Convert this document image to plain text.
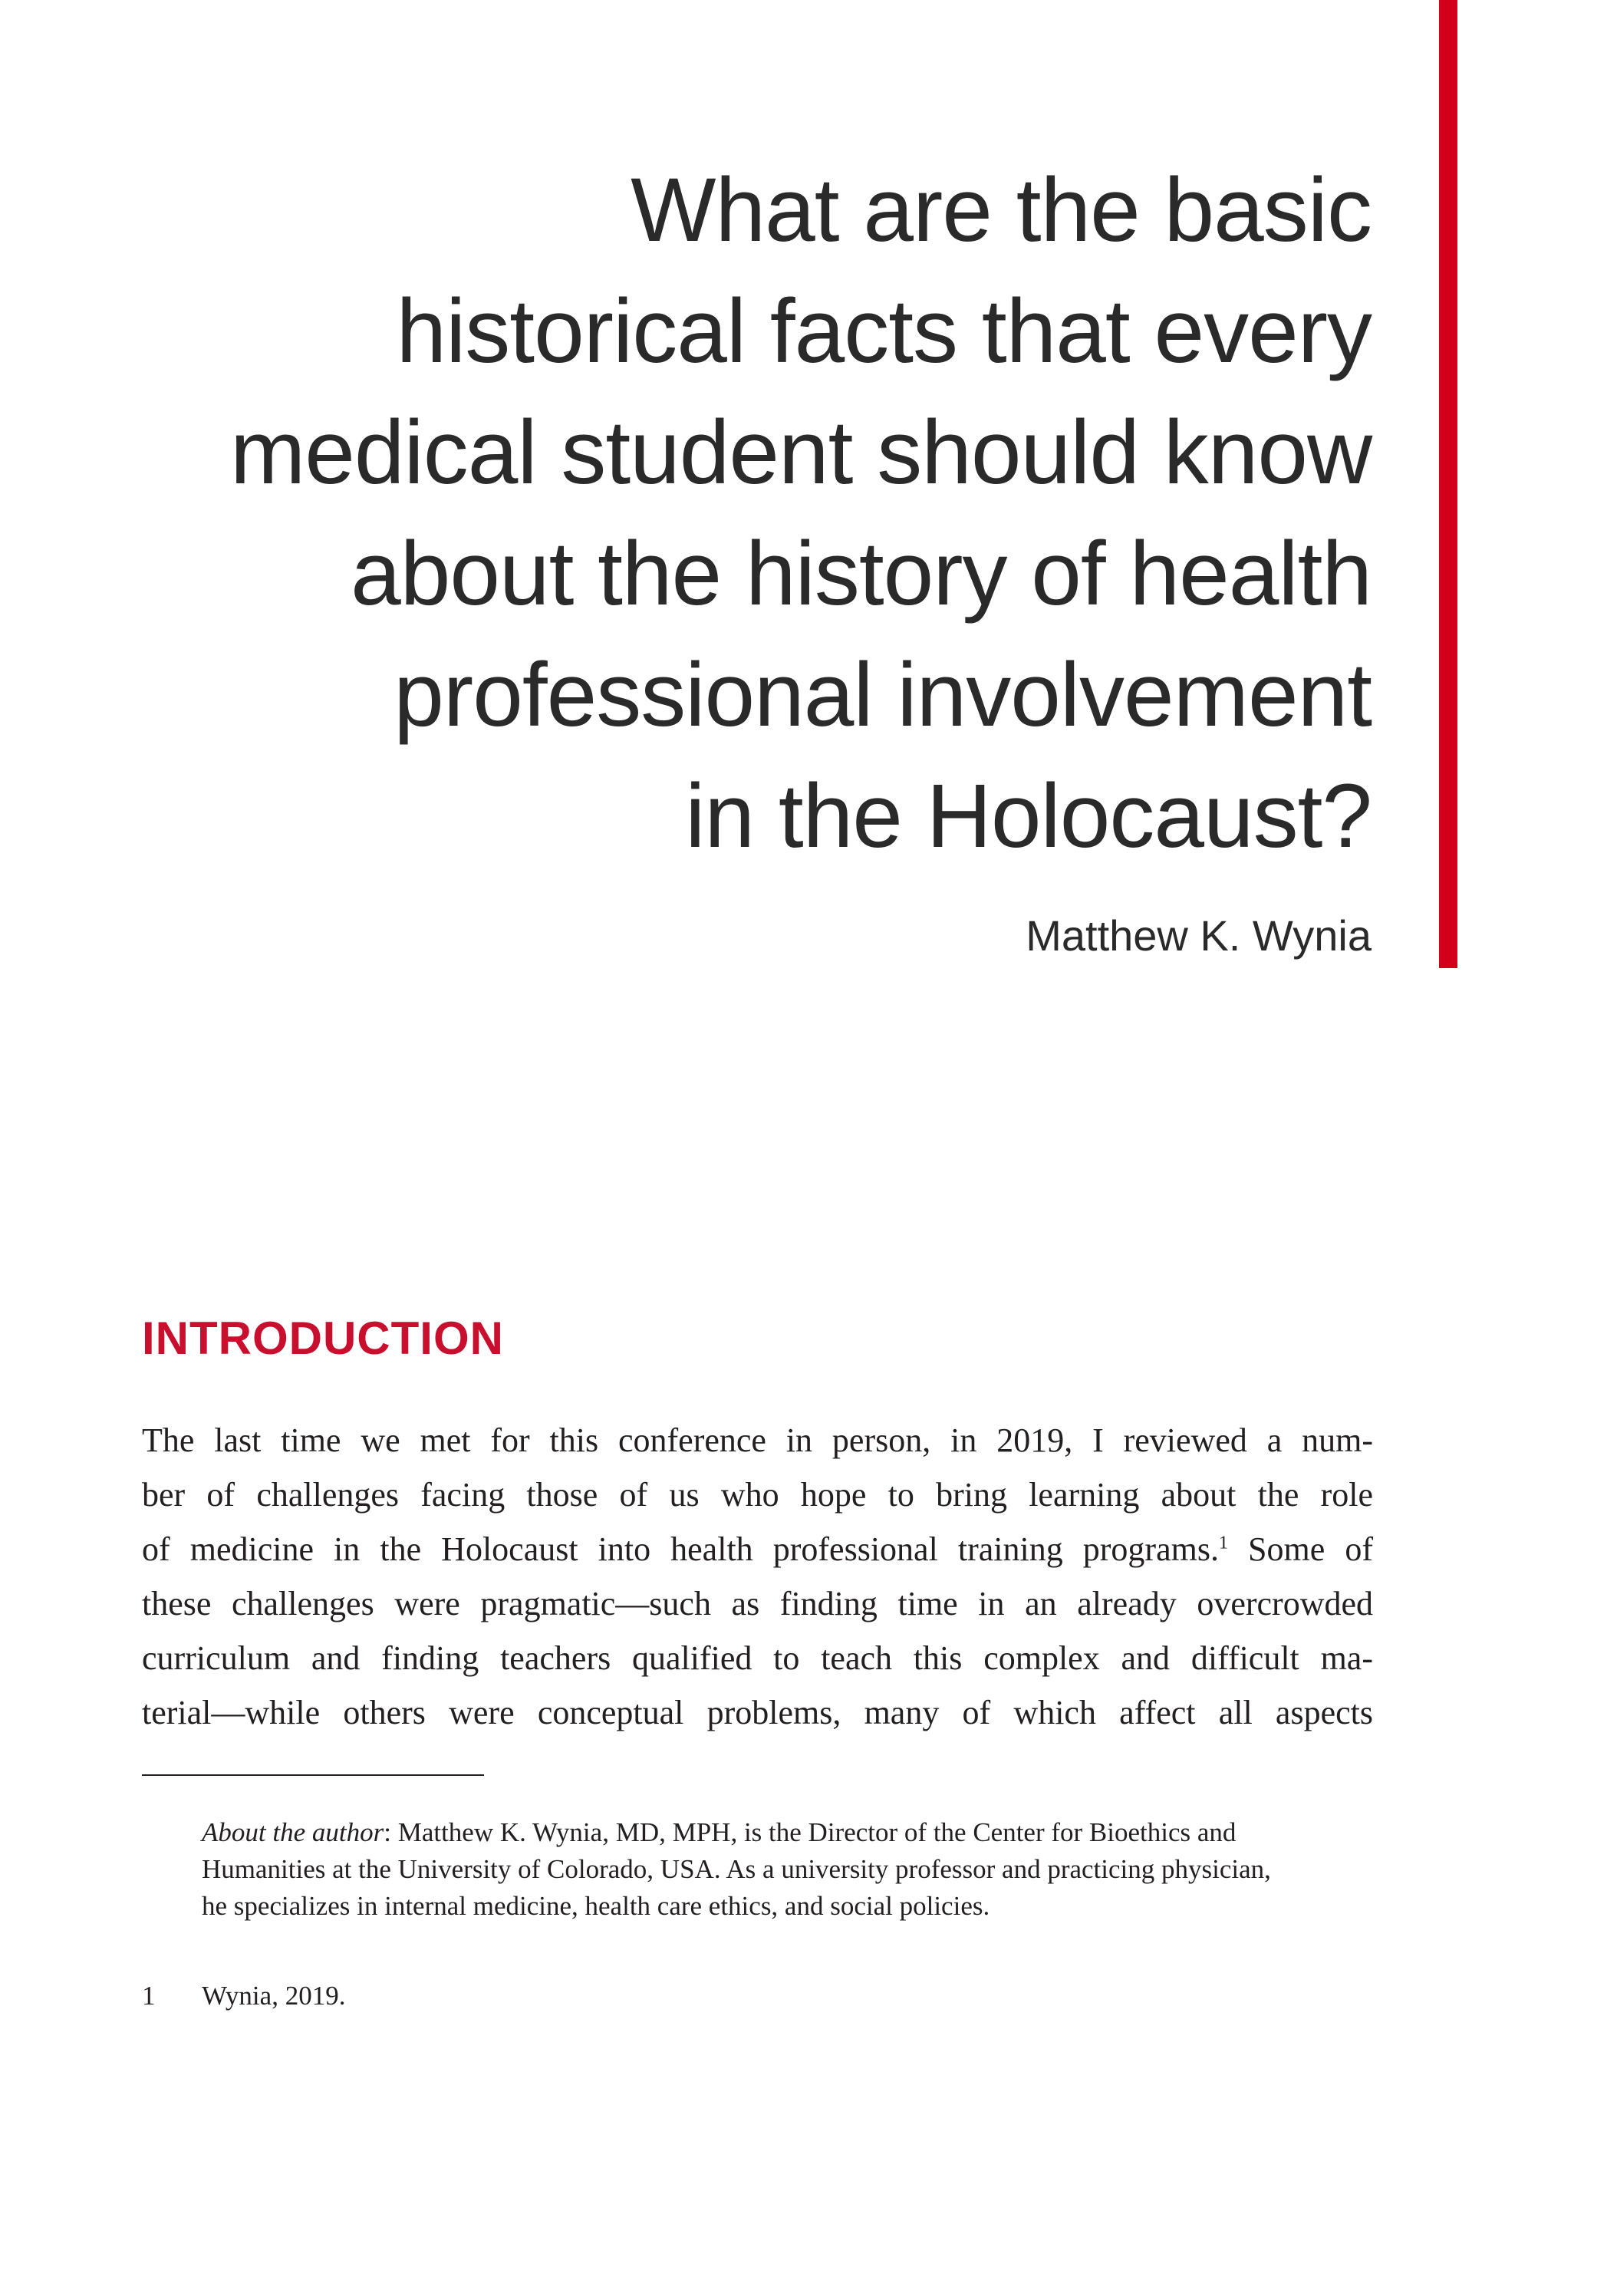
What are the basic
historical facts that every
medical student should know
about the history of health
professional involvement
in the Holocaust?

Matthew K. Wynia

INTRODUCTION
The last time we met for this conference in person, in 2019, I reviewed a num-
ber of challenges facing those of us who hope to bring learning about the role
of medicine in the Holocaust into health professional training programs.$^1$ Some of
these challenges were pragmatic—such as finding time in an already overcrowded
curriculum and finding teachers qualified to teach this complex and difficult ma-
terial—while others were conceptual problems, many of which affect all aspects
About the author: Matthew K. Wynia, MD, MPH, is the Director of the Center for Bioethics and
Humanities at the University of Colorado, USA. As a university professor and practicing physician,
he specializes in internal medicine, health care ethics, and social policies.

1 Wynia, 2019.
